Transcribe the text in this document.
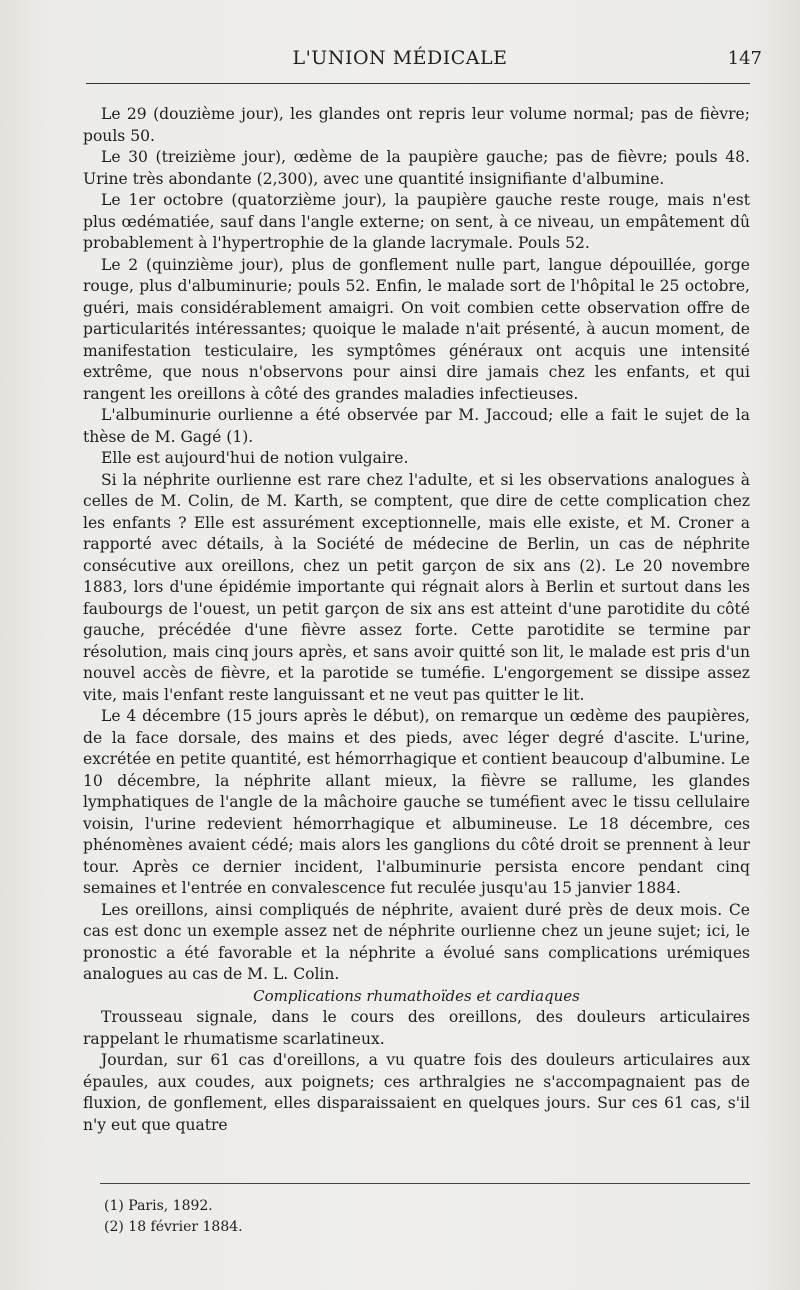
L'UNION MÉDICALE	147

Le 29 (douzième jour), les glandes ont repris leur volume normal; pas de fièvre; pouls 50.

Le 30 (treizième jour), œdème de la paupière gauche; pas de fièvre; pouls 48. Urine très abondante (2,300), avec une quantité insignifiante d'albumine.

Le 1er octobre (quatorzième jour), la paupière gauche reste rouge, mais n'est plus œdématiée, sauf dans l'angle externe; on sent, à ce niveau, un empâtement dû probablement à l'hypertrophie de la glande lacrymale. Pouls 52.

Le 2 (quinzième jour), plus de gonflement nulle part, langue dépouillée, gorge rouge, plus d'albuminurie; pouls 52. Enfin, le malade sort de l'hôpital le 25 octobre, guéri, mais considérablement amaigri. On voit combien cette observation offre de particularités intéressantes; quoique le malade n'ait présenté, à aucun moment, de manifestation testiculaire, les symptômes généraux ont acquis une intensité extrême, que nous n'observons pour ainsi dire jamais chez les enfants, et qui rangent les oreillons à côté des grandes maladies infectieuses.

L'albuminurie ourlienne a été observée par M. Jaccoud; elle a fait le sujet de la thèse de M. Gagé (1).

Elle est aujourd'hui de notion vulgaire.

Si la néphrite ourlienne est rare chez l'adulte, et si les observations analogues à celles de M. Colin, de M. Karth, se comptent, que dire de cette complication chez les enfants ? Elle est assurément exceptionnelle, mais elle existe, et M. Croner a rapporté avec détails, à la Société de médecine de Berlin, un cas de néphrite consécutive aux oreillons, chez un petit garçon de six ans (2). Le 20 novembre 1883, lors d'une épidémie importante qui régnait alors à Berlin et surtout dans les faubourgs de l'ouest, un petit garçon de six ans est atteint d'une parotidite du côté gauche, précédée d'une fièvre assez forte. Cette parotidite se termine par résolution, mais cinq jours après, et sans avoir quitté son lit, le malade est pris d'un nouvel accès de fièvre, et la parotide se tuméfie. L'engorgement se dissipe assez vite, mais l'enfant reste languissant et ne veut pas quitter le lit.

Le 4 décembre (15 jours après le début), on remarque un œdème des paupières, de la face dorsale, des mains et des pieds, avec léger degré d'ascite. L'urine, excrétée en petite quantité, est hémorrhagique et contient beaucoup d'albumine. Le 10 décembre, la néphrite allant mieux, la fièvre se rallume, les glandes lymphatiques de l'angle de la mâchoire gauche se tuméfient avec le tissu cellulaire voisin, l'urine redevient hémorrhagique et albumineuse. Le 18 décembre, ces phénomènes avaient cédé; mais alors les ganglions du côté droit se prennent à leur tour. Après ce dernier incident, l'albuminurie persista encore pendant cinq semaines et l'entrée en convalescence fut reculée jusqu'au 15 janvier 1884.

Les oreillons, ainsi compliqués de néphrite, avaient duré près de deux mois. Ce cas est donc un exemple assez net de néphrite ourlienne chez un jeune sujet; ici, le pronostic a été favorable et la néphrite a évolué sans complications urémiques analogues au cas de M. L. Colin.

Complications rhumathoïdes et cardiaques

Trousseau signale, dans le cours des oreillons, des douleurs articulaires rappelant le rhumatisme scarlatineux.

Jourdan, sur 61 cas d'oreillons, a vu quatre fois des douleurs articulaires aux épaules, aux coudes, aux poignets; ces arthralgies ne s'accompagnaient pas de fluxion, de gonflement, elles disparaissaient en quelques jours. Sur ces 61 cas, s'il n'y eut que quatre

(1) Paris, 1892.
(2) 18 février 1884.
